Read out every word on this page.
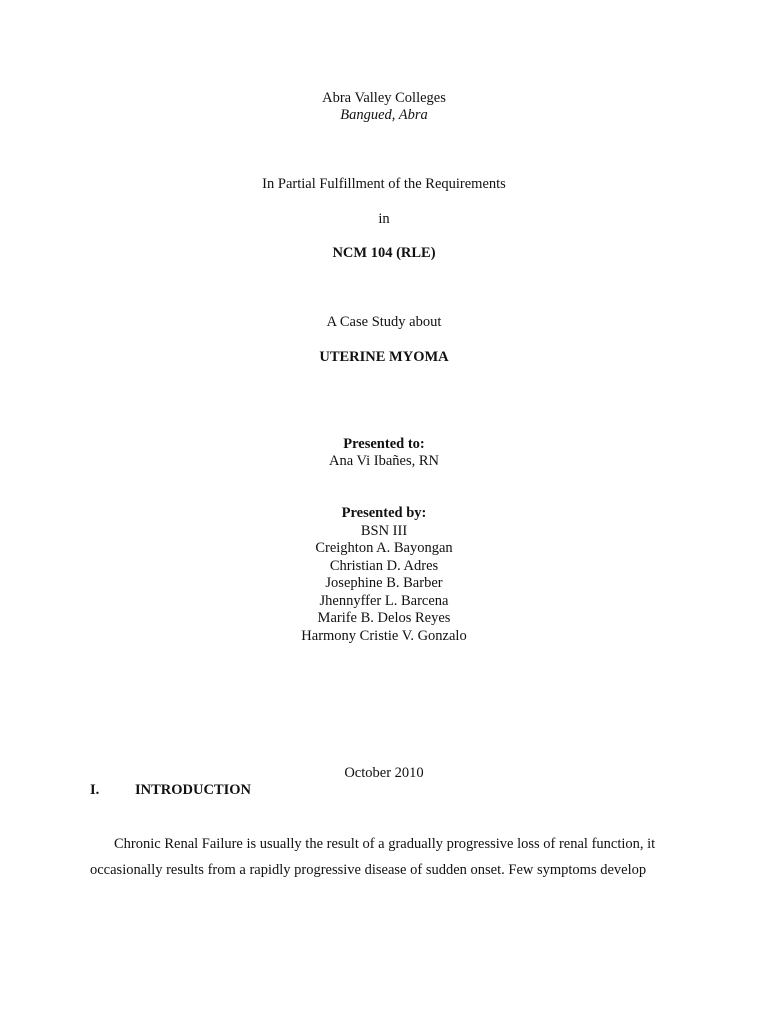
Abra Valley Colleges
Bangued, Abra
In Partial Fulfillment of the Requirements
in
NCM 104 (RLE)
A Case Study about
UTERINE MYOMA
Presented to:
Ana Vi Ibañes, RN
Presented by:
BSN III
Creighton A. Bayongan
Christian D. Adres
Josephine B. Barber
Jhennyffer L. Barcena
Marife B. Delos Reyes
Harmony Cristie V. Gonzalo
October 2010
I. INTRODUCTION
Chronic Renal Failure is usually the result of a gradually progressive loss of renal function, it
occasionally results from a rapidly progressive disease of sudden onset. Few symptoms develop
